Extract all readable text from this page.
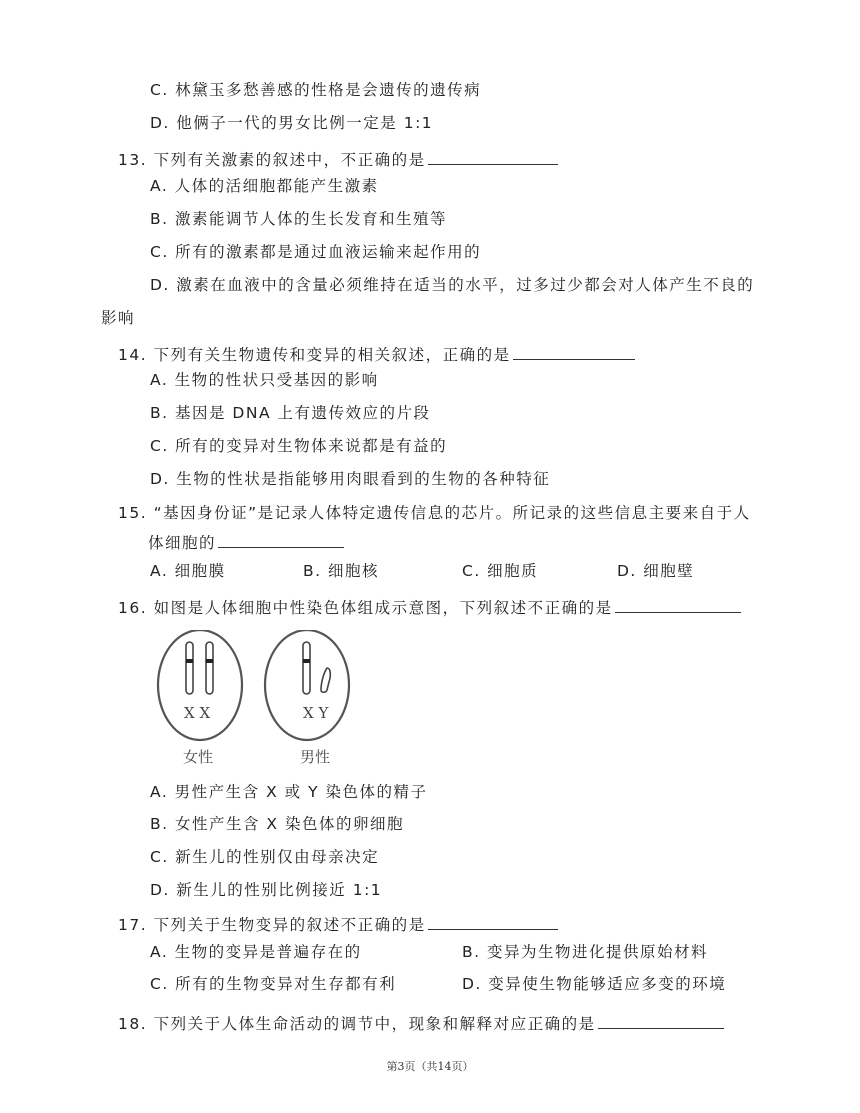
C. 林黛玉多愁善感的性格是会遗传的遗传病
D. 他俩子一代的男女比例一定是 1:1
13. 下列有关激素的叙述中，不正确的是
A. 人体的活细胞都能产生激素
B. 激素能调节人体的生长发育和生殖等
C. 所有的激素都是通过血液运输来起作用的
D. 激素在血液中的含量必须维持在适当的水平，过多过少都会对人体产生不良的
影响
14. 下列有关生物遗传和变异的相关叙述，正确的是
A. 生物的性状只受基因的影响
B. 基因是 DNA 上有遗传效应的片段
C. 所有的变异对生物体来说都是有益的
D. 生物的性状是指能够用肉眼看到的生物的各种特征
15. “基因身份证”是记录人体特定遗传信息的芯片。所记录的这些信息主要来自于人
体细胞的
A. 细胞膜	B. 细胞核	C. 细胞质	D. 细胞壁
16. 如图是人体细胞中性染色体组成示意图，下列叙述不正确的是
X X	X Y
女性	男性
A. 男性产生含 X 或 Y 染色体的精子
B. 女性产生含 X 染色体的卵细胞
C. 新生儿的性别仅由母亲决定
D. 新生儿的性别比例接近 1:1
17. 下列关于生物变异的叙述不正确的是
A. 生物的变异是普遍存在的	B. 变异为生物进化提供原始材料
C. 所有的生物变异对生存都有利	D. 变异使生物能够适应多变的环境
18. 下列关于人体生命活动的调节中，现象和解释对应正确的是
第3页（共14页）
